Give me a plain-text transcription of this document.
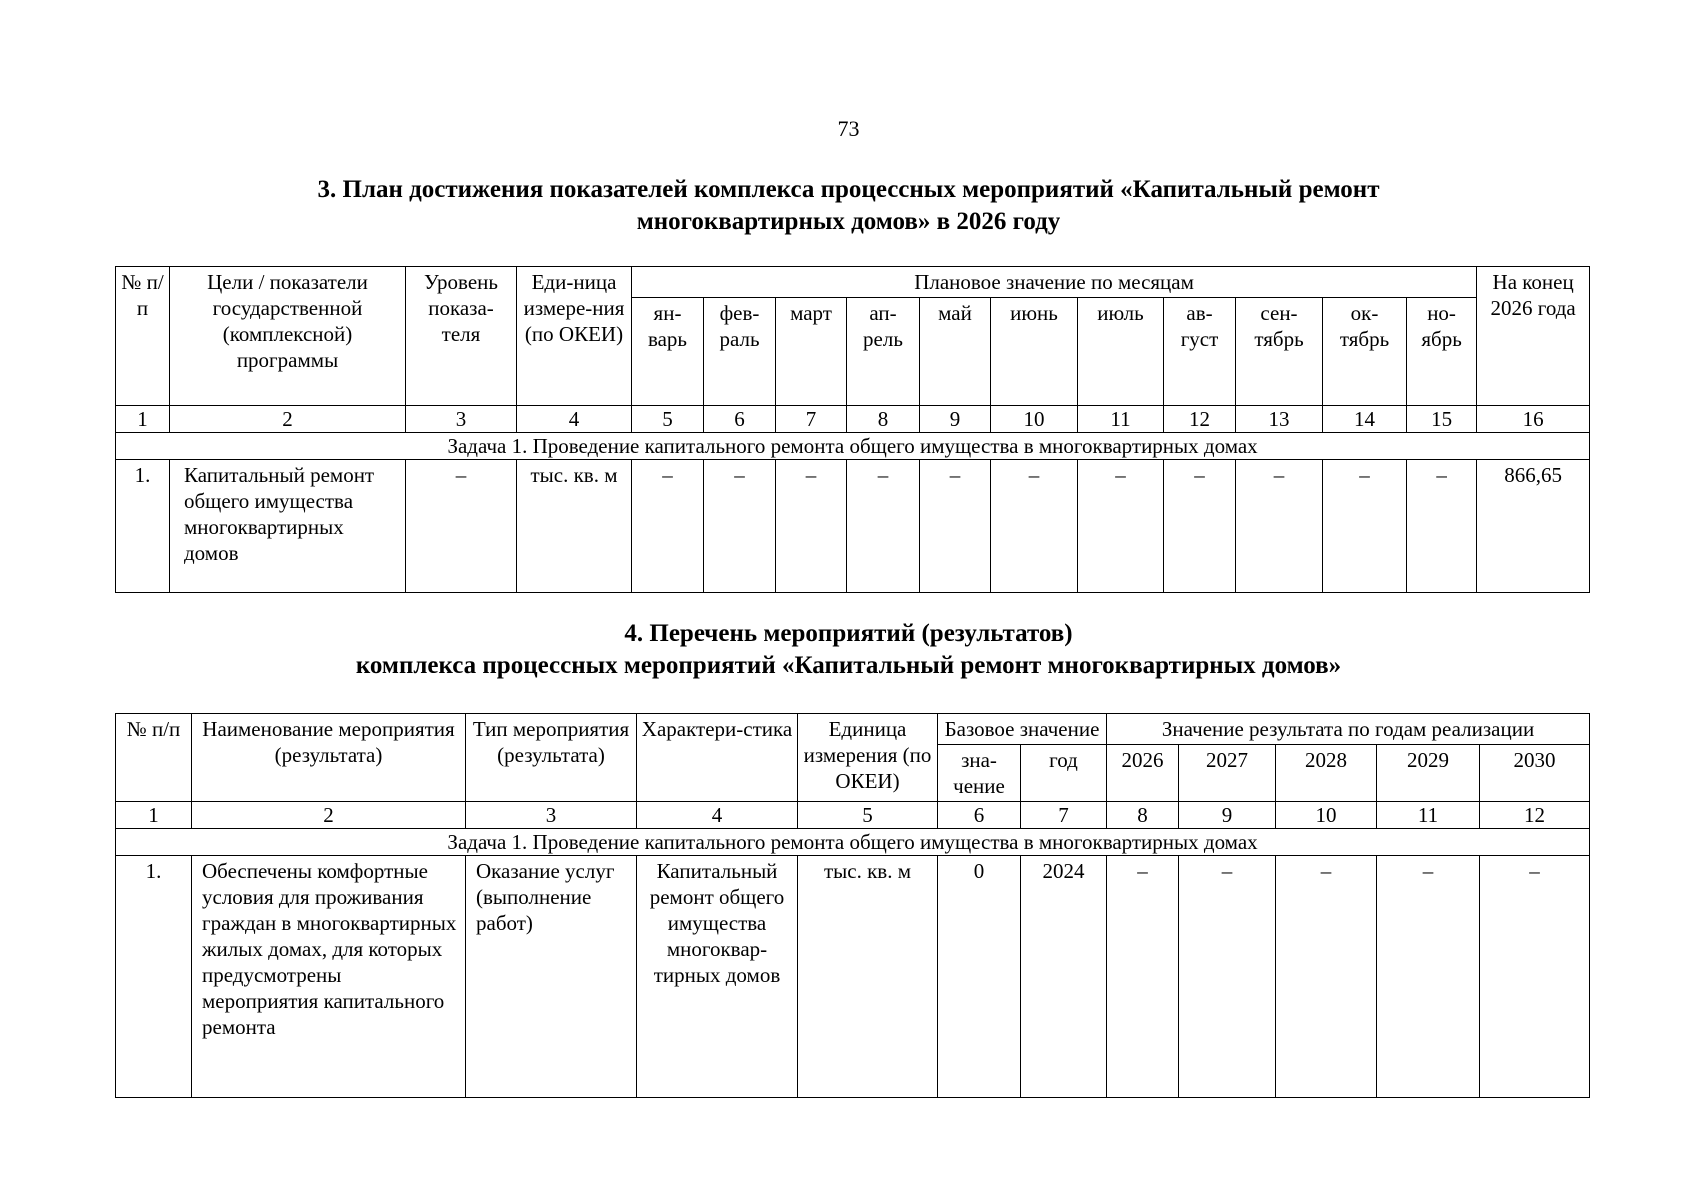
73
3. План достижения показателей комплекса процессных мероприятий «Капитальный ремонт
многоквартирных домов» в 2026 году
№ п/п	Цели / показатели государственной (комплексной) программы	Уровень показа-теля	Еди-ница измере-ния (по ОКЕИ)	Плановое значение по месяцам											На конец 2026 года
				ян-варь	фев-раль	март	ап-рель	май	июнь	июль	ав-густ	сен-тябрь	ок-тябрь	но-ябрь	
1	2	3	4	5	6	7	8	9	10	11	12	13	14	15	16
Задача 1. Проведение капитального ремонта общего имущества в многоквартирных домах															
1.	Капитальный ремонт общего имущества многоквартирных домов	–	тыс. кв. м	–	–	–	–	–	–	–	–	–	–	–	866,65
4. Перечень мероприятий (результатов)
комплекса процессных мероприятий «Капитальный ремонт многоквартирных домов»
№ п/п	Наименование мероприятия (результата)	Тип мероприятия (результата)	Характери-стика	Единица измерения (по ОКЕИ)	Базовое значение		Значение результата по годам реализации				
					зна-чение	год	2026	2027	2028	2029	2030
1	2	3	4	5	6	7	8	9	10	11	12
Задача 1. Проведение капитального ремонта общего имущества в многоквартирных домах											
1.	Обеспечены комфортные условия для проживания граждан в многоквартирных жилых домах, для которых предусмотрены мероприятия капитального ремонта	Оказание услуг (выполнение работ)	Капитальный ремонт общего имущества многоквар-тирных домов	тыс. кв. м	0	2024	–	–	–	–	–
